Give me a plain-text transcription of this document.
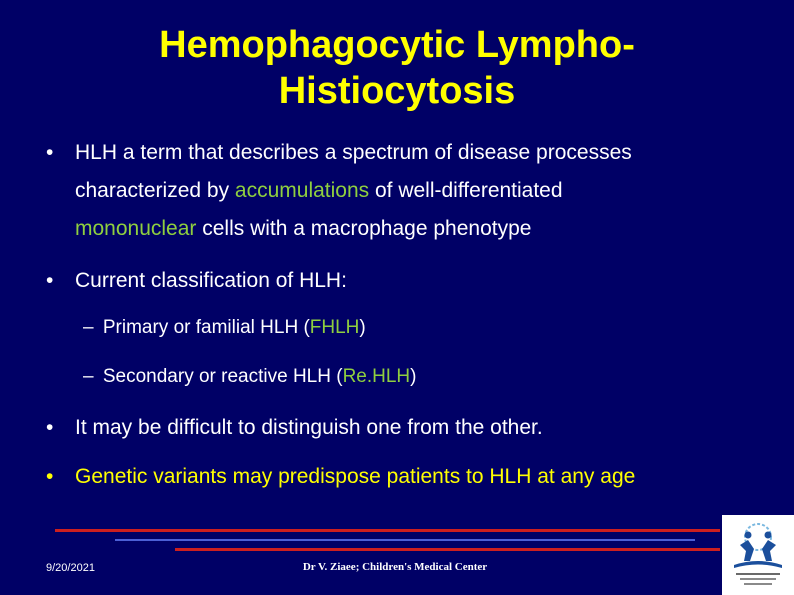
Hemophagocytic Lympho-
Histiocytosis
• HLH a term that describes a spectrum of disease processes
characterized by accumulations of well-differentiated
mononuclear cells with a macrophage phenotype
• Current classification of HLH:
– Primary or familial HLH (FHLH)
– Secondary or reactive HLH (Re.HLH)
• It may be difficult to distinguish one from the other.
• Genetic variants may predispose patients to HLH at any age
9/20/2021	Dr V. Ziaee; Children's Medical Center
